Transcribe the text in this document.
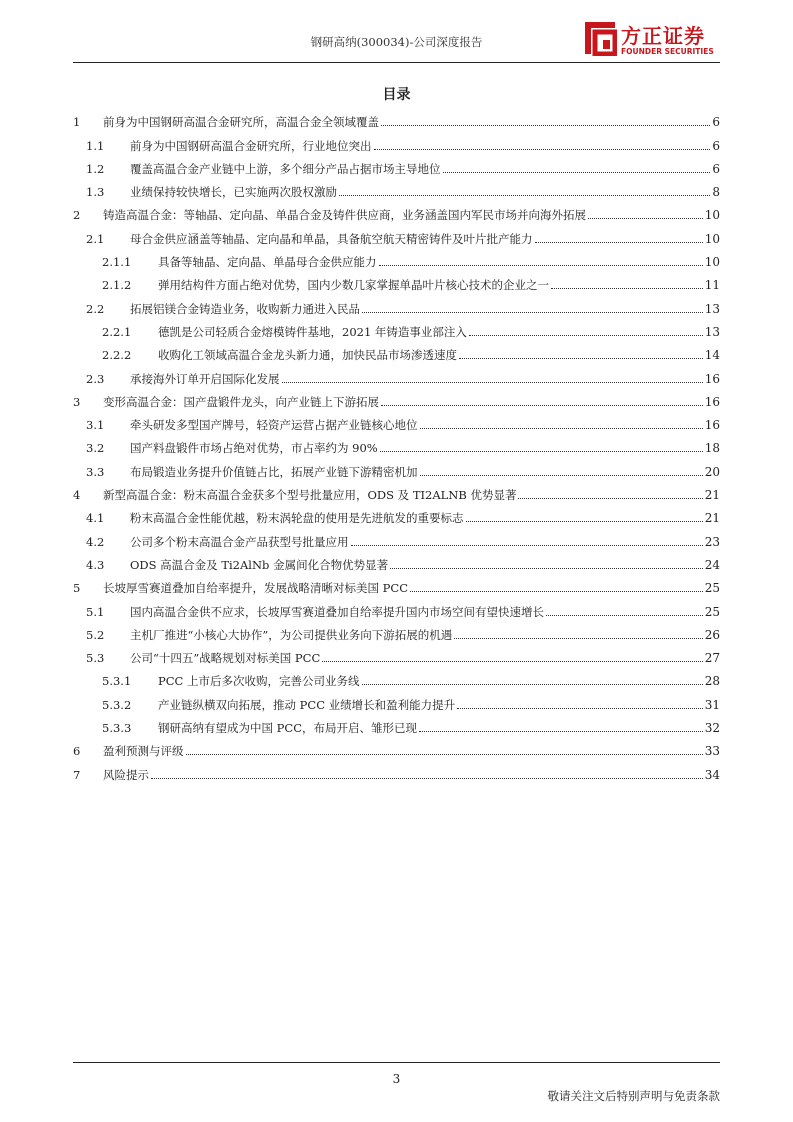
钢研高纳(300034)-公司深度报告	方正证券
FOUNDER SECURITIES
目录
1	前身为中国钢研高温合金研究所，高温合金全领域覆盖	6
1.1	前身为中国钢研高温合金研究所，行业地位突出	6
1.2	覆盖高温合金产业链中上游，多个细分产品占据市场主导地位	6
1.3	业绩保持较快增长，已实施两次股权激励	8
2	铸造高温合金：等轴晶、定向晶、单晶合金及铸件供应商，业务涵盖国内军民市场并向海外拓展	10
2.1	母合金供应涵盖等轴晶、定向晶和单晶，具备航空航天精密铸件及叶片批产能力	10
2.1.1	具备等轴晶、定向晶、单晶母合金供应能力	10
2.1.2	弹用结构件方面占绝对优势，国内少数几家掌握单晶叶片核心技术的企业之一	11
2.2	拓展铝镁合金铸造业务，收购新力通进入民品	13
2.2.1	德凯是公司轻质合金熔模铸件基地，2021 年铸造事业部注入	13
2.2.2	收购化工领域高温合金龙头新力通，加快民品市场渗透速度	14
2.3	承接海外订单开启国际化发展	16
3	变形高温合金：国产盘锻件龙头，向产业链上下游拓展	16
3.1	牵头研发多型国产牌号，轻资产运营占据产业链核心地位	16
3.2	国产料盘锻件市场占绝对优势，市占率约为 90%	18
3.3	布局锻造业务提升价值链占比，拓展产业链下游精密机加	20
4	新型高温合金：粉末高温合金获多个型号批量应用，ODS 及 TI2ALNB 优势显著	21
4.1	粉末高温合金性能优越，粉末涡轮盘的使用是先进航发的重要标志	21
4.2	公司多个粉末高温合金产品获型号批量应用	23
4.3	ODS 高温合金及 Ti2AlNb 金属间化合物优势显著	24
5	长坡厚雪赛道叠加自给率提升，发展战略清晰对标美国 PCC	25
5.1	国内高温合金供不应求，长坡厚雪赛道叠加自给率提升国内市场空间有望快速增长	25
5.2	主机厂推进“小核心大协作”，为公司提供业务向下游拓展的机遇	26
5.3	公司“十四五”战略规划对标美国 PCC	27
5.3.1	PCC 上市后多次收购，完善公司业务线	28
5.3.2	产业链纵横双向拓展，推动 PCC 业绩增长和盈利能力提升	31
5.3.3	钢研高纳有望成为中国 PCC，布局开启、雏形已现	32
6	盈利预测与评级	33
7	风险提示	34
3
敬请关注文后特别声明与免责条款
